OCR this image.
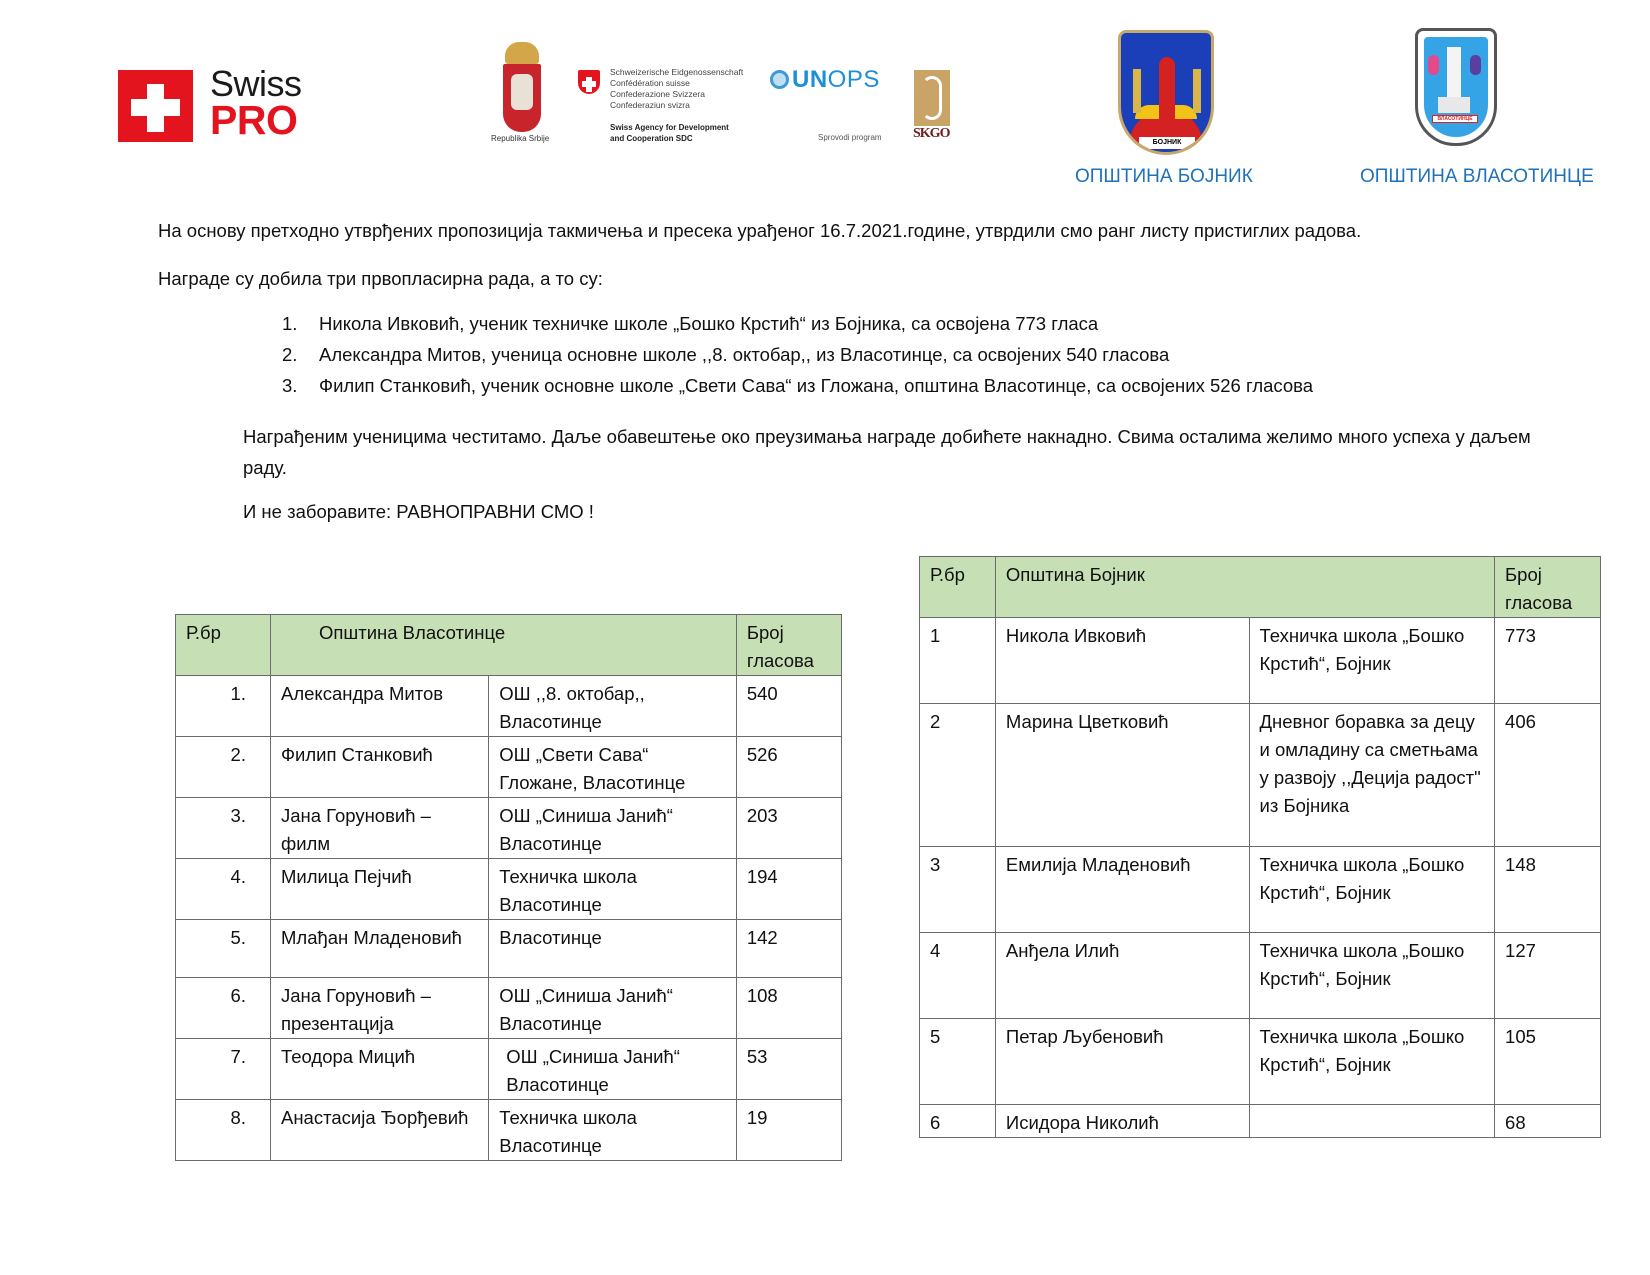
Swiss
PRO	Republika Srbije
Schweizerische Eidgenossenschaft
Confédération suisse
Confederazione Svizzera
Confederaziun svizra
Swiss Agency for Development
and Cooperation SDC
UNOPS
Sprovodi program SKGO
БОЈНИК
ВЛАСОТИНЦЕ
ОПШТИНА БОЈНИК	ОПШТИНА ВЛАСОТИНЦЕ
На основу претходно утврђених пропозиција такмичења и пресека урађеног 16.7.2021.године, утврдили смо ранг листу пристиглих радова.
Награде су добила три првопласирна рада, а то су:
1. Никола Ивковић, ученик техничке школе „Бошко Крстић“ из Бојника, са освојена 773 гласа
2. Александра Митов, ученица основне школе ,,8. октобар,, из Власотинце, са освојених 540 гласова
3. Филип Станковић, ученик основне школе „Свети Сава“ из Гложана, општина Власотинце, са освојених 526 гласова
Награђеним ученицима честитамо. Даље обавештење око преузимања награде добићете накнадно. Свима осталима желимо много успеха у даљем раду.
И не заборавите: РАВНОПРАВНИ СМО !
Р.бр	Општина Власотинце		Број
гласова

1.	Александра Митов	ОШ ,,8. oктобар,,
Власотинце	540
2.	Филип Станковић	ОШ „Свети Сава“
Гложане, Власотинце	526
3.	Јана Горуновић – филм	ОШ „Синиша Јанић“
Власотинце	203
4.	Милица Пејчић	Техничка школа
Власотинце	194
5.	Млађан Младеновић	Власотинце	142
6.	Јана Горуновић – презентација	ОШ „Синиша Јанић“
Власотинце	108
7.	Теодора Мицић	ОШ „Синиша Јанић“
Власотинце	53
8.	Анастасија Ђорђевић	Техничка школа
Власотинце	19
Р.бр	Општина Бојник		Број
гласова

1	Никола Ивковић	Техничка школа „Бошко Крстић“, Бојник	773
2	Марина Цветковић	Дневног боравка за децу и омладину са сметњама у развоју ,,Деција радост" из Бојника	406
3	Емилија Младеновић	Техничка школа „Бошко Крстић“, Бојник	148
4	Анђела Илић	Техничка школа „Бошко Крстић“, Бојник	127
5	Петар Љубеновић	Техничка школа „Бошко Крстић“, Бојник	105
6	Исидора Николић		68
